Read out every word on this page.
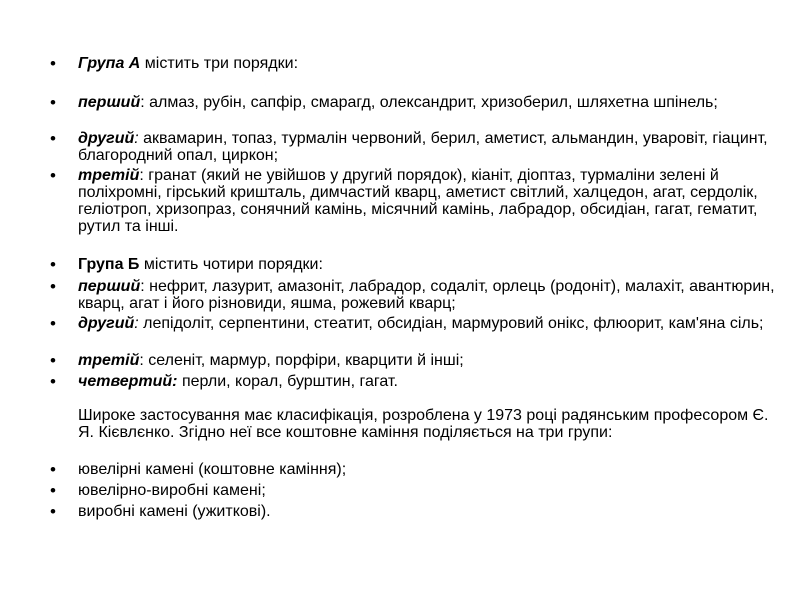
• Група А містить три порядки:

• перший: алмаз, рубін, сапфір, смарагд, олександрит, хризоберил, шляхетна шпінель;

• другий: аквамарин, топаз, турмалін червоний, берил, аметист, альмандин, уваровіт, гіацинт, благородний опал, циркон;

• третій: гранат (який не увійшов у другий порядок), кіаніт, діоптаз, турмаліни зелені й поліхромні, гірський кришталь, димчастий кварц, аметист світлий, халцедон, агат, сердолік, геліотроп, хризопраз, сонячний камінь, місячний камінь, лабрадор, обсидіан, гагат, гематит, рутил та інші.

• Група Б містить чотири порядки:

• перший: нефрит, лазурит, амазоніт, лабрадор, содаліт, орлець (родоніт), малахіт, авантюрин, кварц, агат і його різновиди, яшма, рожевий кварц;

• другий: лепідоліт, серпентини, стеатит, обсидіан, мармуровий онікс, флюорит, кам'яна сіль;

• третій: селеніт, мармур, порфіри, кварцити й інші;

• четвертий: перли, корал, бурштин, гагат.

Широке застосування має класифікація, розроблена у 1973 році радянським професором Є. Я. Кієвлєнко. Згідно неї все коштовне каміння поділяється на три групи:

• ювелірні камені (коштовне каміння);

• ювелірно-виробні камені;

• виробні камені (ужиткові).
